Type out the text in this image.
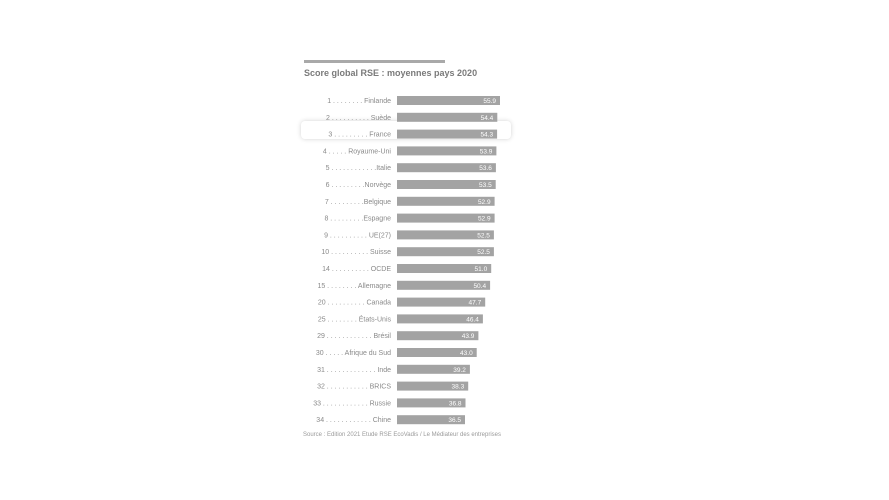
Score global RSE : moyennes pays 2020
1 . . . . . . . . Finlande	55.9
2 . . . . . . . . . . Suède	54.4
3 . . . . . . . . . France	54.3
4 . . . . . Royaume-Uni	53.9
5 . . . . . . . . . . . .Italie	53.6
6 . . . . . . . . .Norvège	53.5
7 . . . . . . . . .Belgique	52.9
8 . . . . . . . . .Espagne	52.9
9 . . . . . . . . . . UE(27)	52.5
10 . . . . . . . . . . Suisse	52.5
14 . . . . . . . . . . OCDE	51.0
15 . . . . . . . . Allemagne	50.4
20 . . . . . . . . . . Canada	47.7
25 . . . . . . . . États-Unis	46.4
29 . . . . . . . . . . . . Brésil	43.9
30 . . . . . Afrique du Sud	43.0
31 . . . . . . . . . . . . . Inde	39.2
32 . . . . . . . . . . . BRICS	38.3
33 . . . . . . . . . . . . Russie	36.8
34 . . . . . . . . . . . . Chine	36.5
Source : Edition 2021 Etude RSE EcoVadis / Le Médiateur des entreprises
